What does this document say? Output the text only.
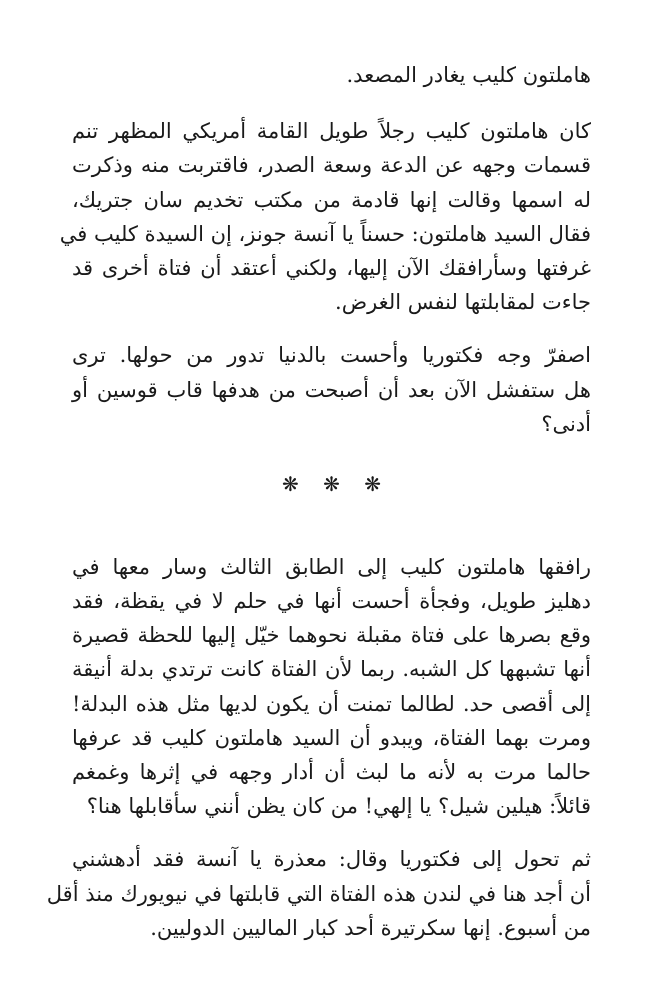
هاملتون كليب يغادر المصعد.
كان هاملتون كليب رجلاً طويل القامة أمريكي المظهر تنم
قسمات وجهه عن الدعة وسعة الصدر، فاقتربت منه وذكرت
له اسمها وقالت إنها قادمة من مكتب تخديم سان جتريك،
فقال السيد هاملتون: حسناً يا آنسة جونز، إن السيدة كليب في
غرفتها وسأرافقك الآن إليها، ولكني أعتقد أن فتاة أخرى قد
جاءت لمقابلتها لنفس الغرض.
اصفرّ وجه فكتوريا وأحست بالدنيا تدور من حولها. ترى
هل ستفشل الآن بعد أن أصبحت من هدفها قاب قوسين أو
أدنى؟
❋ ❋ ❋
رافقها هاملتون كليب إلى الطابق الثالث وسار معها في
دهليز طويل، وفجأة أحست أنها في حلم لا في يقظة، فقد
وقع بصرها على فتاة مقبلة نحوهما خيّل إليها للحظة قصيرة
أنها تشبهها كل الشبه. ربما لأن الفتاة كانت ترتدي بدلة أنيقة
إلى أقصى حد. لطالما تمنت أن يكون لديها مثل هذه البدلة!
ومرت بهما الفتاة، ويبدو أن السيد هاملتون كليب قد عرفها
حالما مرت به لأنه ما لبث أن أدار وجهه في إثرها وغمغم
قائلاً: هيلين شيل؟ يا إلهي! من كان يظن أنني سأقابلها هنا؟
ثم تحول إلى فكتوريا وقال: معذرة يا آنسة فقد أدهشني
أن أجد هنا في لندن هذه الفتاة التي قابلتها في نيويورك منذ أقل
من أسبوع. إنها سكرتيرة أحد كبار الماليين الدوليين.
